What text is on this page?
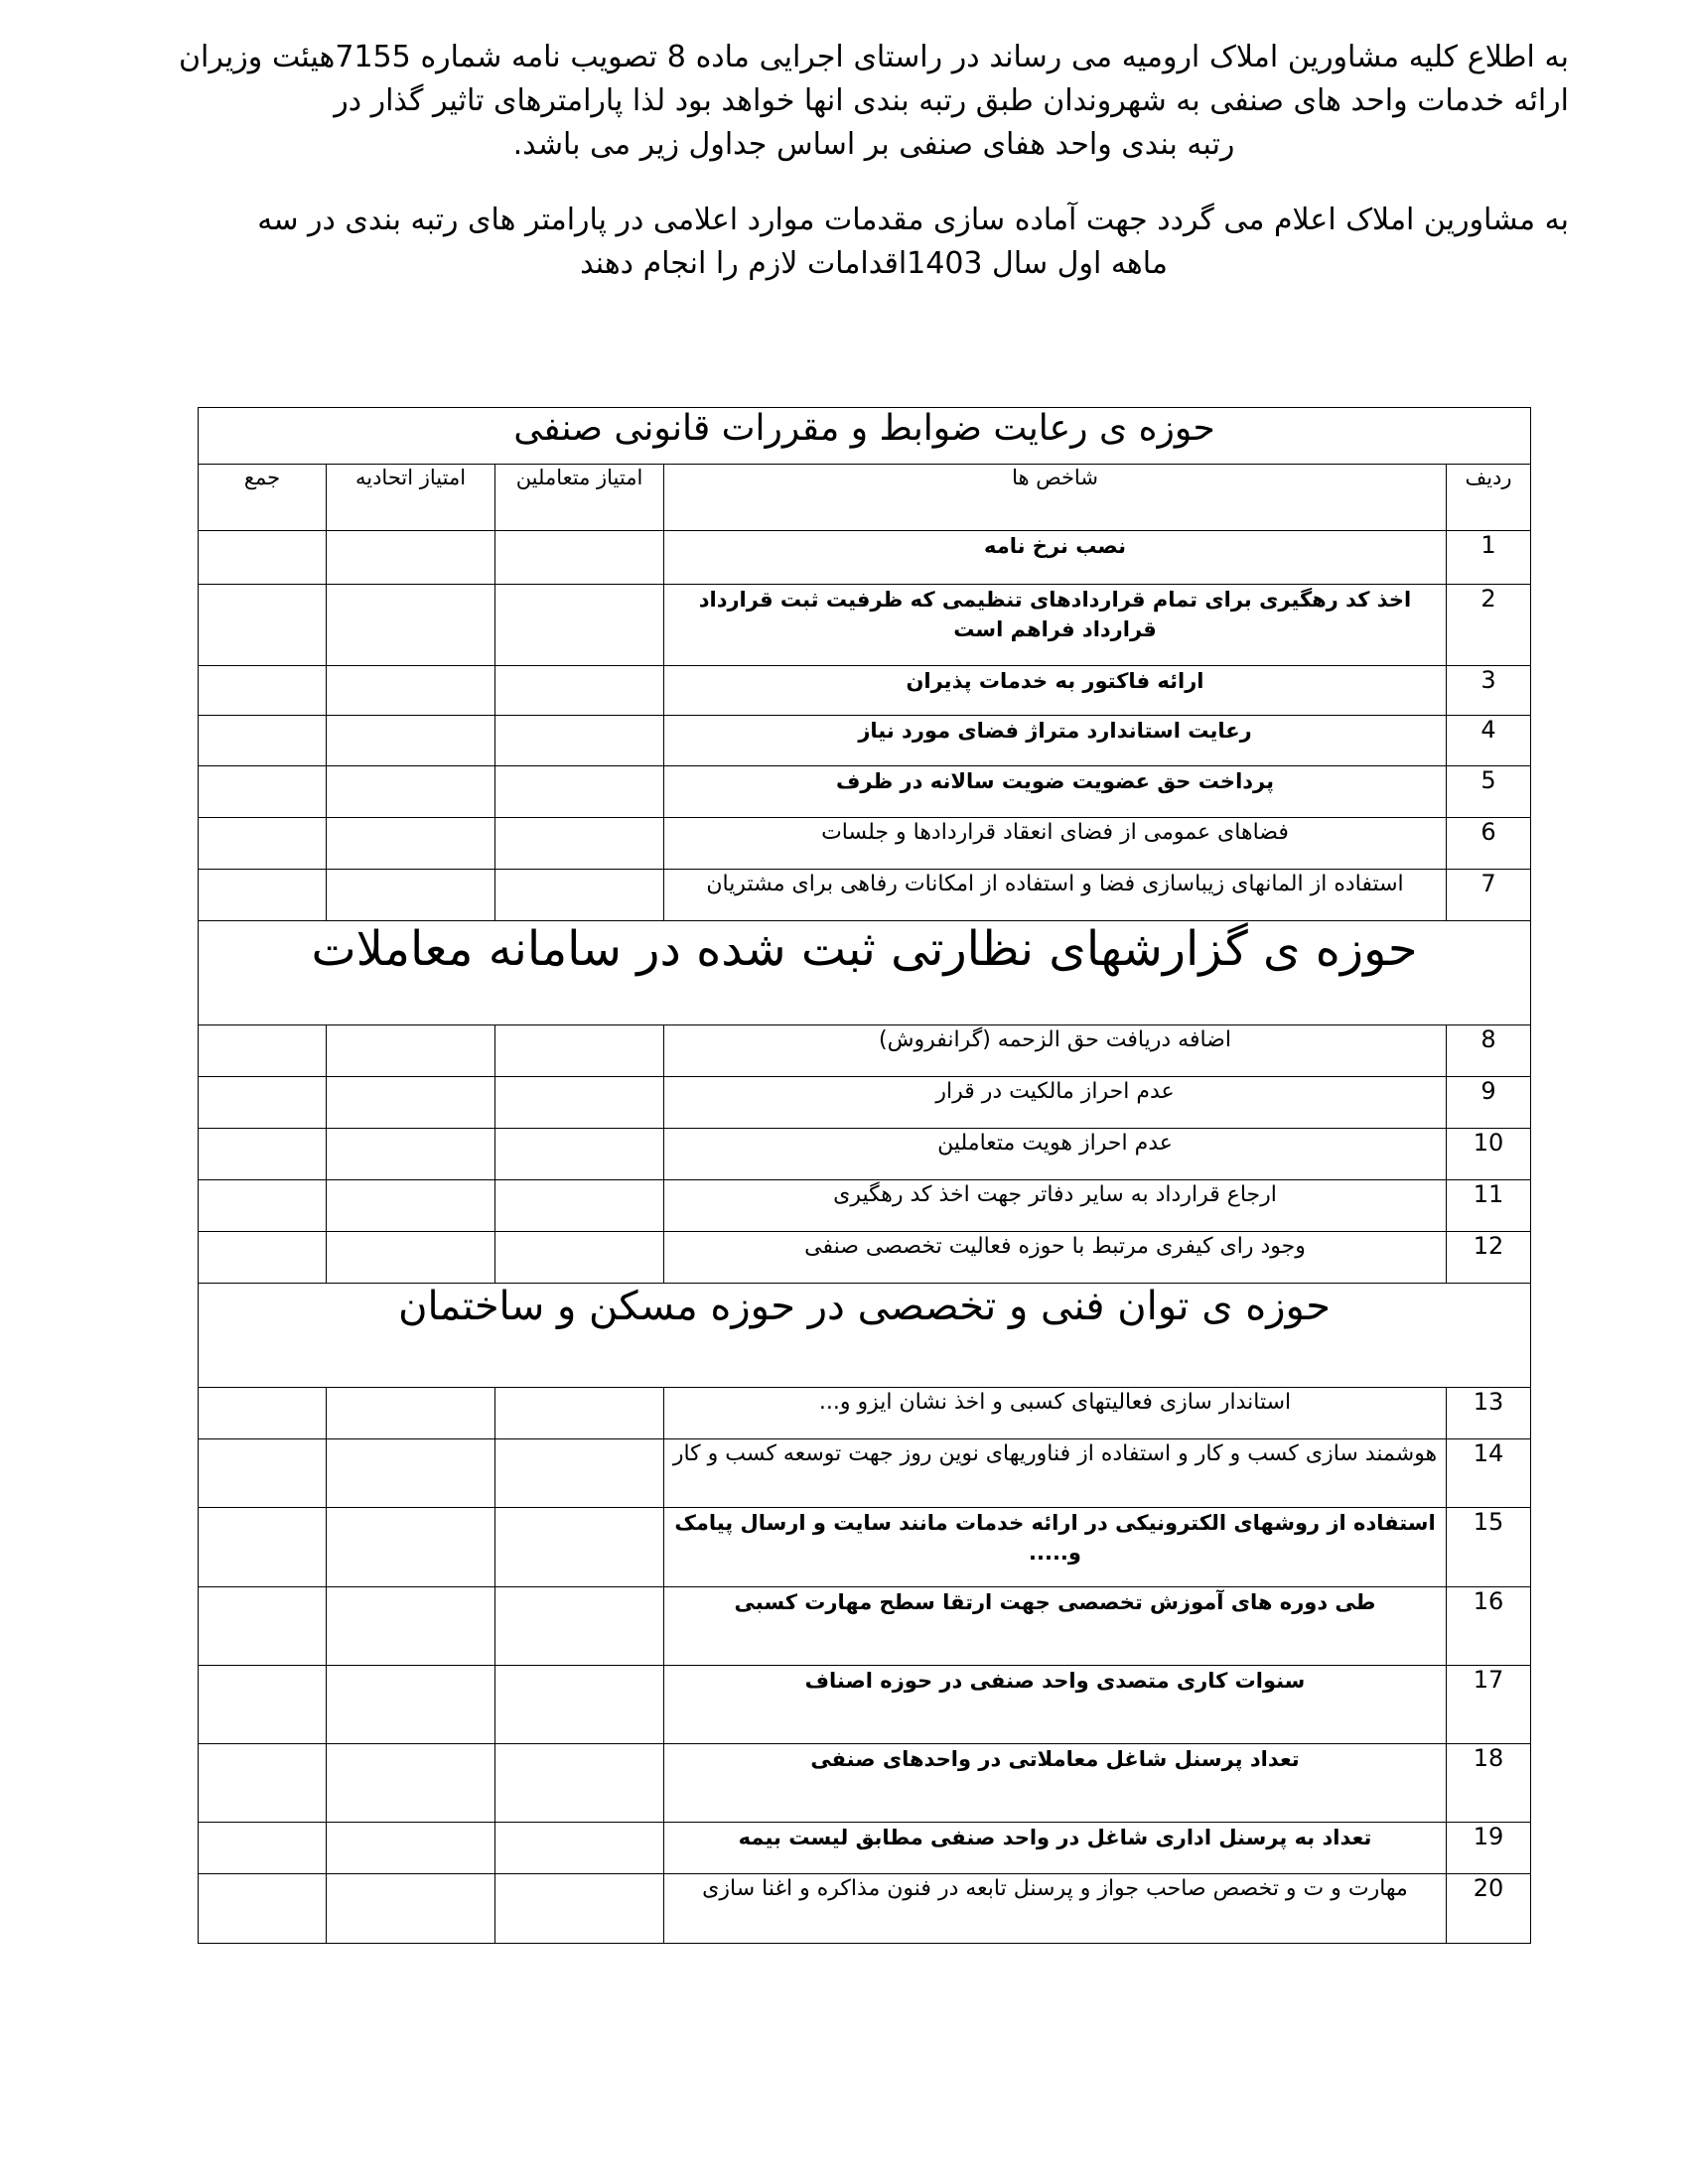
به اطلاع کلیه مشاورین املاک ارومیه می رساند در راستای اجرایی ماده 8 تصویب نامه شماره 7155هیئت وزیران ارائه خدمات واحد های صنفی به شهروندان طبق رتبه بندی انها خواهد بود لذا پارامترهای تاثیر گذار در

رتبه بندی واحد هفای صنفی بر اساس جداول زیر می باشد.

به مشاورین املاک اعلام می گردد جهت آماده سازی مقدمات موارد اعلامی در پارامتر های رتبه بندی در سه

ماهه اول سال 1403اقدامات لازم را انجام دهند

حوزه ی رعایت ضوابط و مقررات قانونی صنفی				
ردیف	شاخص ها	امتیاز متعاملین	امتیاز اتحادیه	جمع
1	نصب نرخ نامه			
2	اخذ کد رهگیری برای تمام قراردادهای تنظیمی که ظرفیت ثبت قرارداد قرارداد فراهم است			
3	ارائه فاکتور به خدمات پذیران			
4	رعایت استاندارد متراژ فضای مورد نیاز			
5	پرداخت حق عضویت ضویت سالانه در ظرف			
6	فضاهای عمومی از فضای انعقاد قراردادها و جلسات			
7	استفاده از المانهای زیباسازی فضا و استفاده از امکانات رفاهی برای مشتریان			
حوزه ی گزارشهای نظارتی ثبت شده در سامانه معاملات				
8	اضافه دریافت حق الزحمه (گرانفروش)			
9	عدم احراز مالکیت در قرار			
10	عدم احراز هویت متعاملین			
11	ارجاع قرارداد به سایر دفاتر جهت اخذ کد رهگیری			
12	وجود رای کیفری مرتبط با حوزه فعالیت تخصصی صنفی			
حوزه ی توان فنی و تخصصی در حوزه مسکن و ساختمان				
13	استاندار سازی فعالیتهای کسبی و اخذ نشان ایزو و...			
14	هوشمند سازی کسب و کار و استفاده از فناوریهای نوین روز جهت توسعه کسب و کار			
15	استفاده از روشهای الکترونیکی در ارائه خدمات مانند سایت و ارسال پیامک و.....			
16	طی دوره های آموزش تخصصی جهت ارتقا سطح مهارت کسبی			
17	سنوات کاری متصدی واحد صنفی در حوزه اصناف			
18	تعداد پرسنل شاغل معاملاتی در واحدهای صنفی			
19	تعداد به پرسنل اداری شاغل در واحد صنفی مطابق لیست بیمه			
20	مهارت و ت و تخصص صاحب جواز و پرسنل تابعه در فنون مذاکره و اغنا سازی			
